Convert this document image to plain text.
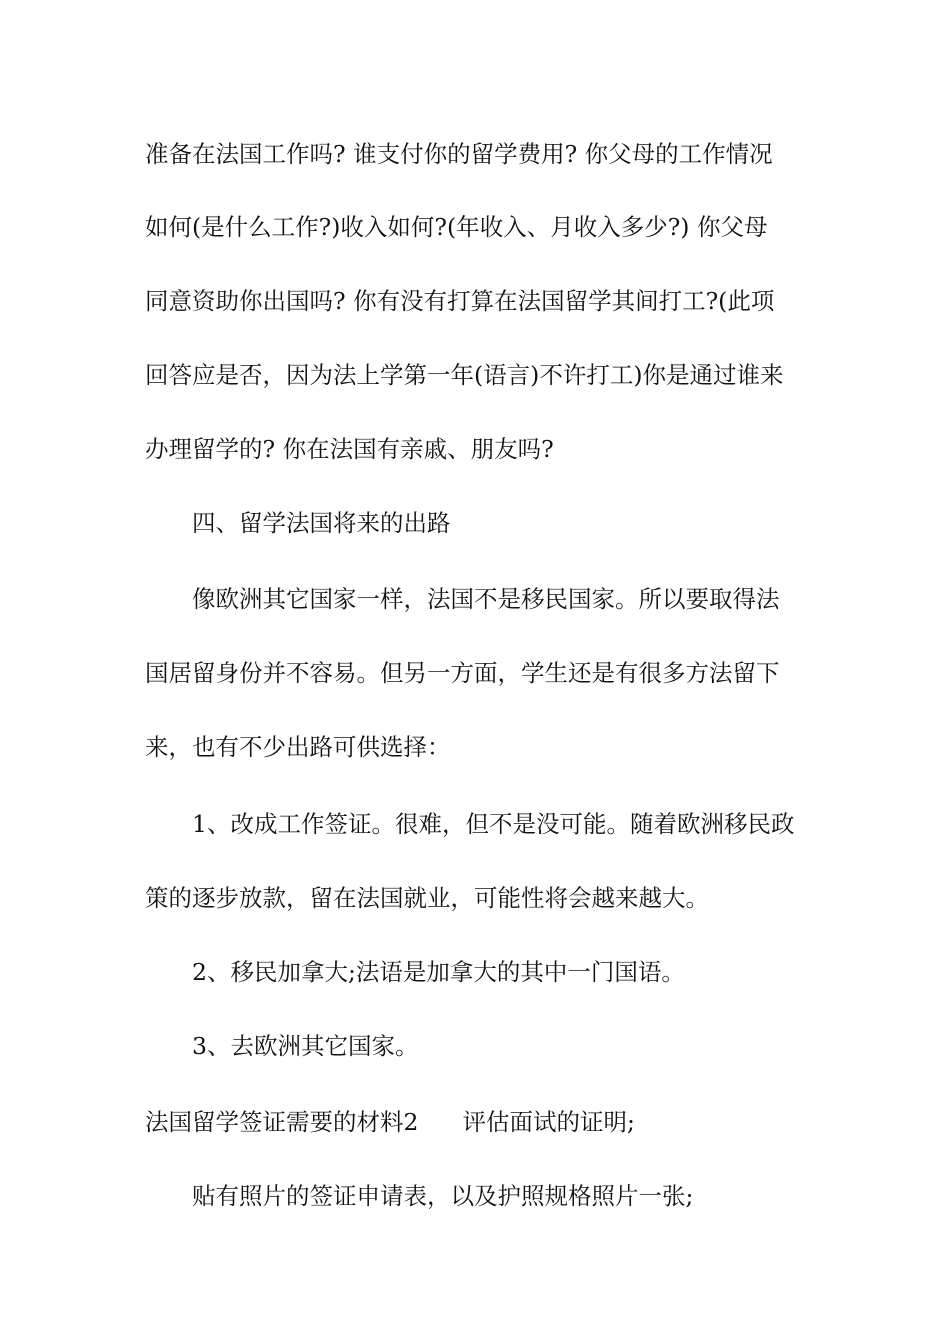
准备在法国工作吗? 谁支付你的留学费用? 你父母的工作情况
如何(是什么工作?)收入如何?(年收入、月收入多少?) 你父母
同意资助你出国吗? 你有没有打算在法国留学其间打工?(此项
回答应是否，因为法上学第一年(语言)不许打工)你是通过谁来
办理留学的? 你在法国有亲戚、朋友吗?
四、留学法国将来的出路
像欧洲其它国家一样，法国不是移民国家。所以要取得法
国居留身份并不容易。但另一方面，学生还是有很多方法留下
来，也有不少出路可供选择：
1、改成工作签证。很难，但不是没可能。随着欧洲移民政
策的逐步放款，留在法国就业，可能性将会越来越大。
2、移民加拿大;法语是加拿大的其中一门国语。
3、去欧洲其它国家。
法国留学签证需要的材料2 评估面试的证明;
贴有照片的签证申请表，以及护照规格照片一张;
